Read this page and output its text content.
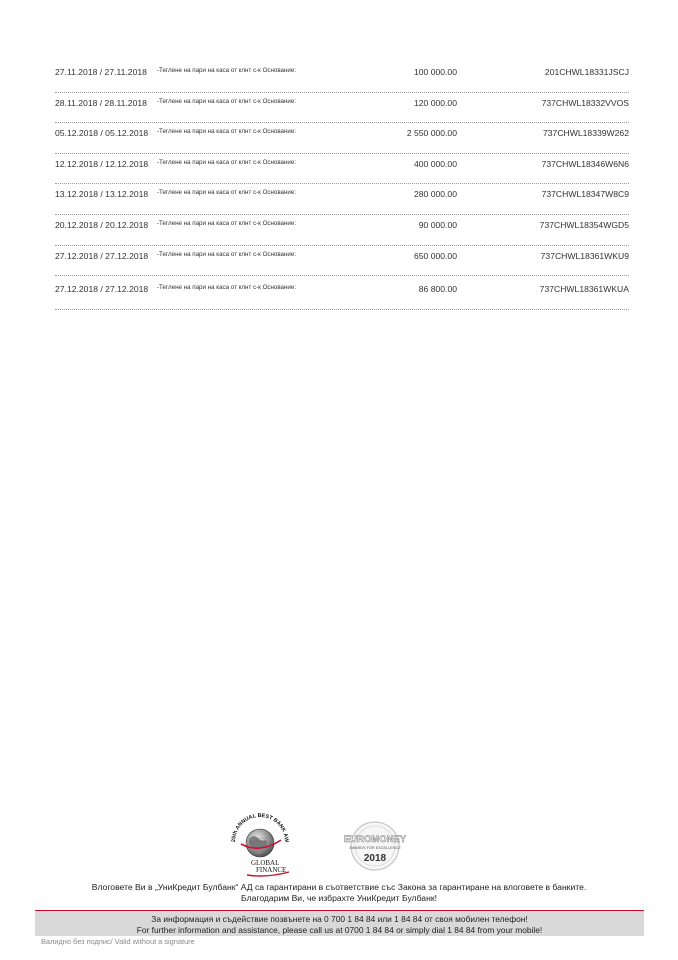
27.11.2018 / 27.11.2018 -Теглене на пари на каса от клнт с-к Основание:	100 000.00	201CHWL18331JSCJ
28.11.2018 / 28.11.2018 -Теглене на пари на каса от клнт с-к Основание:	120 000.00	737CHWL18332VVOS
05.12.2018 / 05.12.2018 -Теглене на пари на каса от клнт с-к Основание:	2 550 000.00	737CHWL18339W262
12.12.2018 / 12.12.2018 -Теглене на пари на каса от клнт с-к Основание:	400 000.00	737CHWL18346W6N6
13.12.2018 / 13.12.2018 -Теглене на пари на каса от клнт с-к Основание:	280 000.00	737CHWL18347W8C9
20.12.2018 / 20.12.2018 -Теглене на пари на каса от клнт с-к Основание:	90 000.00	737CHWL18354WGD5
27.12.2018 / 27.12.2018 -Теглене на пари на каса от клнт с-к Основание:	650 000.00	737CHWL18361WKU9
27.12.2018 / 27.12.2018 -Теглене на пари на каса от клнт с-к Основание:	86 800.00	737CHWL18361WKUA
25th ANNUAL BEST BANK AW
GLOBAL
FINANCE
EUROMONEY
AWARDS FOR EXCELLENCE
2018
Влоговете Ви в „УниКредит Булбанк“ АД са гарантирани в съответствие със Закона за гарантиране на влоговете в банките.
Благодарим Ви, че избрахте УниКредит Булбанк!
За информация и съдействие позвънете на 0 700 1 84 84 или 1 84 84 от своя мобилен телефон!
For further information and assistance, please call us at 0700 1 84 84 or simply dial 1 84 84 from your mobile!
Валидно без подпис/ Valid without a signature
